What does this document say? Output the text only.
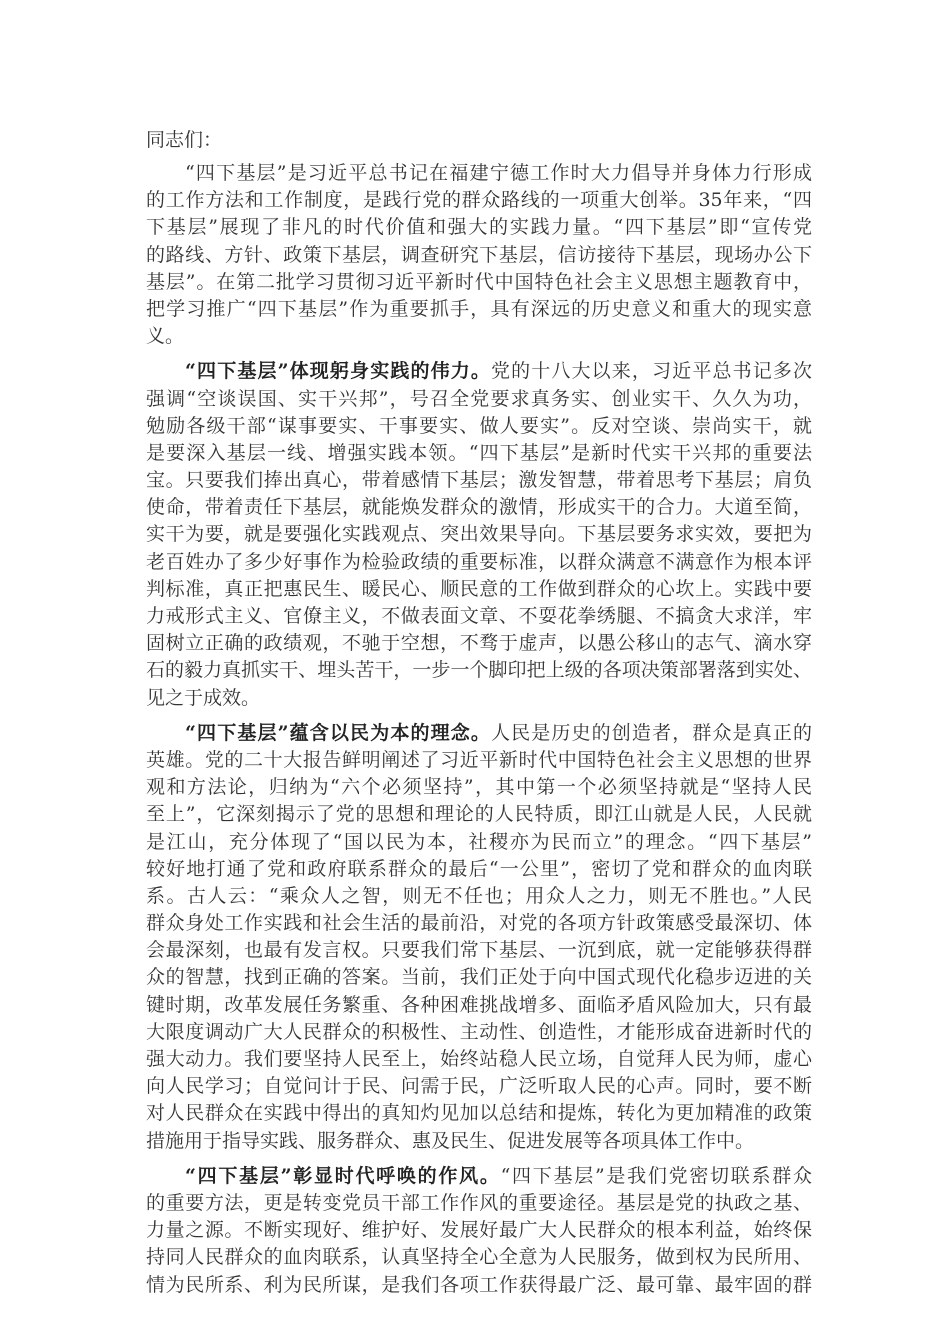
同志们：
“四下基层”是习近平总书记在福建宁德工作时大力倡导并身体力行形成
的工作方法和工作制度，是践行党的群众路线的一项重大创举。35年来，“四
下基层”展现了非凡的时代价值和强大的实践力量。“四下基层”即“宣传党
的路线、方针、政策下基层，调查研究下基层，信访接待下基层，现场办公下
基层”。在第二批学习贯彻习近平新时代中国特色社会主义思想主题教育中，
把学习推广“四下基层”作为重要抓手，具有深远的历史意义和重大的现实意
义。
“四下基层”体现躬身实践的伟力。党的十八大以来，习近平总书记多次
强调“空谈误国、实干兴邦”，号召全党要求真务实、创业实干、久久为功，
勉励各级干部“谋事要实、干事要实、做人要实”。反对空谈、崇尚实干，就
是要深入基层一线、增强实践本领。“四下基层”是新时代实干兴邦的重要法
宝。只要我们捧出真心，带着感情下基层；激发智慧，带着思考下基层；肩负
使命，带着责任下基层，就能焕发群众的激情，形成实干的合力。大道至简，
实干为要，就是要强化实践观点、突出效果导向。下基层要务求实效，要把为
老百姓办了多少好事作为检验政绩的重要标准，以群众满意不满意作为根本评
判标准，真正把惠民生、暖民心、顺民意的工作做到群众的心坎上。实践中要
力戒形式主义、官僚主义，不做表面文章、不耍花拳绣腿、不搞贪大求洋，牢
固树立正确的政绩观，不驰于空想，不骛于虚声，以愚公移山的志气、滴水穿
石的毅力真抓实干、埋头苦干，一步一个脚印把上级的各项决策部署落到实处、
见之于成效。
“四下基层”蕴含以民为本的理念。人民是历史的创造者，群众是真正的
英雄。党的二十大报告鲜明阐述了习近平新时代中国特色社会主义思想的世界
观和方法论，归纳为“六个必须坚持”，其中第一个必须坚持就是“坚持人民
至上”，它深刻揭示了党的思想和理论的人民特质，即江山就是人民，人民就
是江山，充分体现了“国以民为本，社稷亦为民而立”的理念。“四下基层”
较好地打通了党和政府联系群众的最后“一公里”，密切了党和群众的血肉联
系。古人云：“乘众人之智，则无不任也；用众人之力，则无不胜也。”人民
群众身处工作实践和社会生活的最前沿，对党的各项方针政策感受最深切、体
会最深刻，也最有发言权。只要我们常下基层、一沉到底，就一定能够获得群
众的智慧，找到正确的答案。当前，我们正处于向中国式现代化稳步迈进的关
键时期，改革发展任务繁重、各种困难挑战增多、面临矛盾风险加大，只有最
大限度调动广大人民群众的积极性、主动性、创造性，才能形成奋进新时代的
强大动力。我们要坚持人民至上，始终站稳人民立场，自觉拜人民为师，虚心
向人民学习；自觉问计于民、问需于民，广泛听取人民的心声。同时，要不断
对人民群众在实践中得出的真知灼见加以总结和提炼，转化为更加精准的政策
措施用于指导实践、服务群众、惠及民生、促进发展等各项具体工作中。
“四下基层”彰显时代呼唤的作风。“四下基层”是我们党密切联系群众
的重要方法，更是转变党员干部工作作风的重要途径。基层是党的执政之基、
力量之源。不断实现好、维护好、发展好最广大人民群众的根本利益，始终保
持同人民群众的血肉联系，认真坚持全心全意为人民服务，做到权为民所用、
情为民所系、利为民所谋，是我们各项工作获得最广泛、最可靠、最牢固的群
